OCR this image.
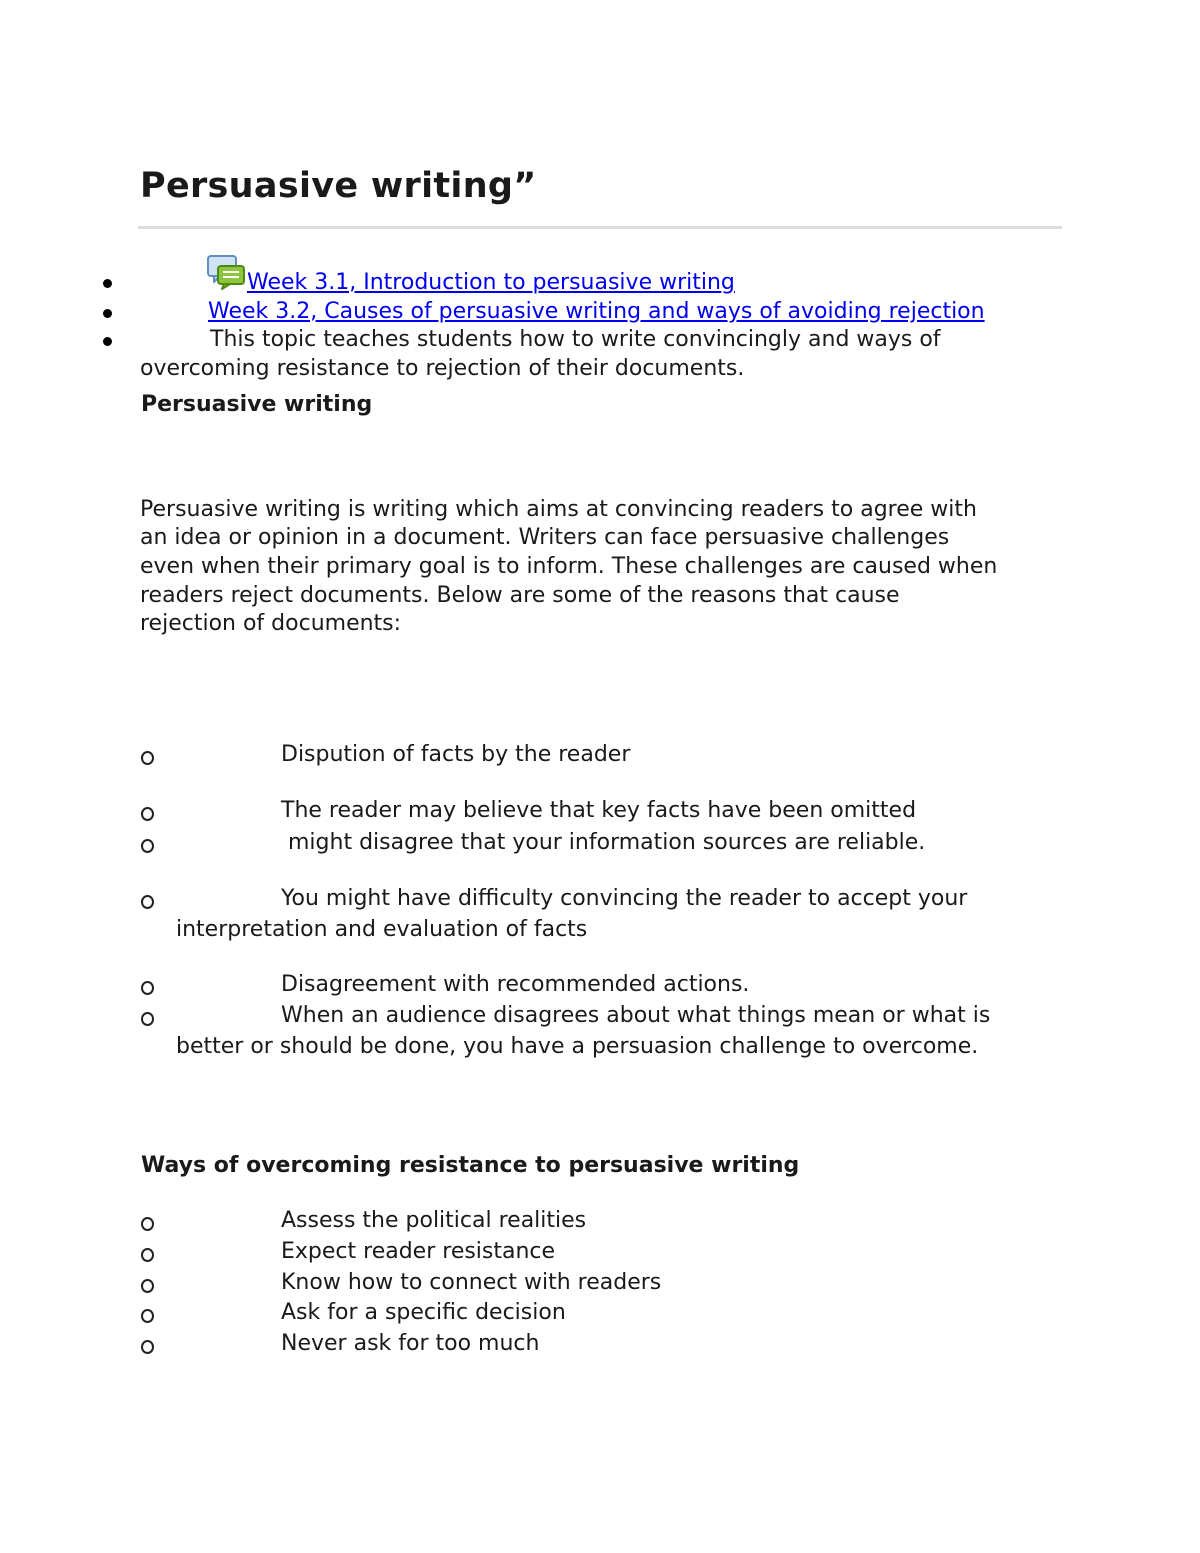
Persuasive writing”
Week 3.1, Introduction to persuasive writing
Week 3.2, Causes of persuasive writing and ways of avoiding rejection

This topic teaches students how to write convincingly and ways of

overcoming resistance to rejection of their documents.

Persuasive writing

Persuasive writing is writing which aims at convincing readers to agree with

an idea or opinion in a document. Writers can face persuasive challenges

even when their primary goal is to inform. These challenges are caused when

readers reject documents. Below are some of the reasons that cause

rejection of documents:

Dispution of facts by the reader

The reader may believe that key facts have been omitted

might disagree that your information sources are reliable.

You might have difficulty convincing the reader to accept your

interpretation and evaluation of facts

Disagreement with recommended actions.

When an audience disagrees about what things mean or what is

better or should be done, you have a persuasion challenge to overcome.

Ways of overcoming resistance to persuasive writing

Assess the political realities

Expect reader resistance

Know how to connect with readers

Ask for a specific decision

Never ask for too much
